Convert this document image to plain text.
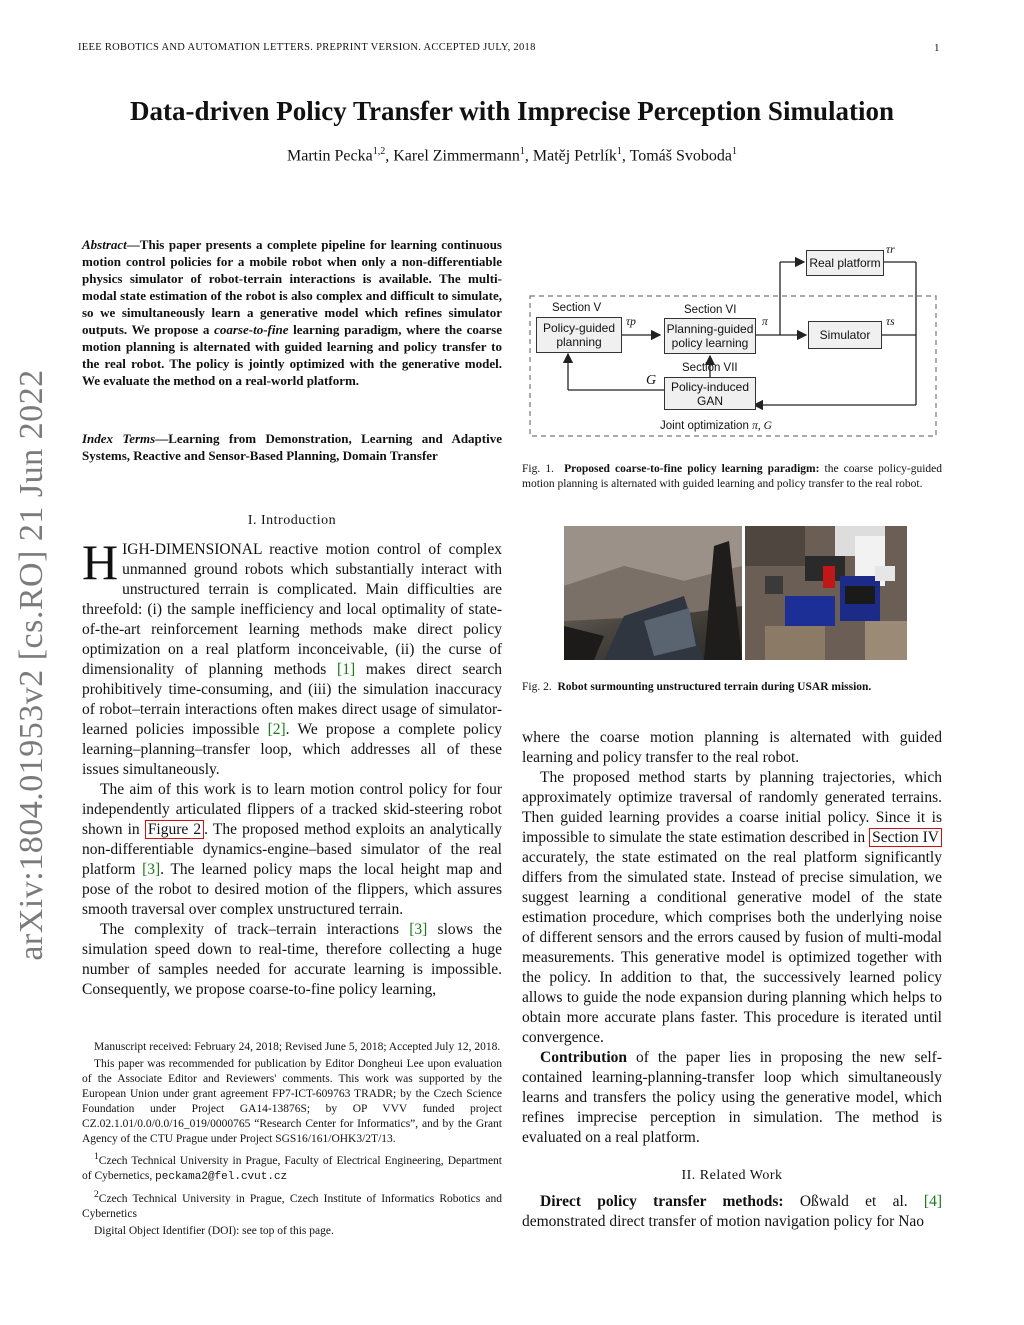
IEEE ROBOTICS AND AUTOMATION LETTERS. PREPRINT VERSION. ACCEPTED JULY, 2018	1
arXiv:1804.01953v2 [cs.RO] 21 Jun 2022
Data-driven Policy Transfer with Imprecise Perception Simulation
Martin Pecka$^{1,2}$, Karel Zimmermann$^1$, Matěj Petrlík$^1$, Tomáš Svoboda$^1$
Abstract—This paper presents a complete pipeline for learning continuous motion control policies for a mobile robot when only a non-differentiable physics simulator of robot-terrain interactions is available. The multi-modal state estimation of the robot is also complex and difficult to simulate, so we simultaneously learn a generative model which refines simulator outputs. We propose a coarse-to-fine learning paradigm, where the coarse motion planning is alternated with guided learning and policy transfer to the real robot. The policy is jointly optimized with the generative model. We evaluate the method on a real-world platform.
Index Terms—Learning from Demonstration, Learning and Adaptive Systems, Reactive and Sensor-Based Planning, Domain Transfer
I. Introduction

HIGH-DIMENSIONAL reactive motion control of complex unmanned ground robots which substantially interact with unstructured terrain is complicated. Main difficulties are threefold: (i) the sample inefficiency and local optimality of state-of-the-art reinforcement learning methods make direct policy optimization on a real platform inconceivable, (ii) the curse of dimensionality of planning methods [1] makes direct search prohibitively time-consuming, and (iii) the simulation inaccuracy of robot–terrain interactions often makes direct usage of simulator-learned policies impossible [2]. We propose a complete policy learning–planning–transfer loop, which addresses all of these issues simultaneously.

The aim of this work is to learn motion control policy for four independently articulated flippers of a tracked skid-steering robot shown in Figure 2 . The proposed method exploits an analytically non-differentiable dynamics-engine–based simulator of the real platform [3]. The learned policy maps the local height map and pose of the robot to desired motion of the flippers, which assures smooth traversal over complex unstructured terrain.

The complexity of track–terrain interactions [3] slows the simulation speed down to real-time, therefore collecting a huge number of samples needed for accurate learning is impossible. Consequently, we propose coarse-to-fine policy learning,

Manuscript received: February 24, 2018; Revised June 5, 2018; Accepted July 12, 2018.

This paper was recommended for publication by Editor Dongheui Lee upon evaluation of the Associate Editor and Reviewers' comments. This work was supported by the European Union under grant agreement FP7-ICT-609763 TRADR; by the Czech Science Foundation under Project GA14-13876S; by OP VVV funded project CZ.02.1.01/0.0/0.0/16_019/0000765 “Research Center for Informatics”, and by the Grant Agency of the CTU Prague under Project SGS16/161/OHK3/2T/13.

$^1$Czech Technical University in Prague, Faculty of Electrical Engineering, Department of Cybernetics, peckama2@fel.cvut.cz

$^2$Czech Technical University in Prague, Czech Institute of Informatics Robotics and Cybernetics

Digital Object Identifier (DOI): see top of this page.

Section V
Policy-guided planning
τp
Section VI
Planning-guided policy learning
π
Real platform
τr
Simulator
τs
G
Section VII
Policy-induced GAN
Joint optimization π, G
Fig. 1. Proposed coarse-to-fine policy learning paradigm: the coarse policy-guided motion planning is alternated with guided learning and policy transfer to the real robot.
Fig. 2. Robot surmounting unstructured terrain during USAR mission.

where the coarse motion planning is alternated with guided learning and policy transfer to the real robot.

The proposed method starts by planning trajectories, which approximately optimize traversal of randomly generated terrains. Then guided learning provides a coarse initial policy. Since it is impossible to simulate the state estimation described in Section IV accurately, the state estimated on the real platform significantly differs from the simulated state. Instead of precise simulation, we suggest learning a conditional generative model of the state estimation procedure, which comprises both the underlying noise of different sensors and the errors caused by fusion of multi-modal measurements. This generative model is optimized together with the policy. In addition to that, the successively learned policy allows to guide the node expansion during planning which helps to obtain more accurate plans faster. This procedure is iterated until convergence.

Contribution of the paper lies in proposing the new self-contained learning-planning-transfer loop which simultaneously learns and transfers the policy using the generative model, which refines imprecise perception in simulation. The method is evaluated on a real platform.

II. Related Work

Direct policy transfer methods: Oßwald et al. [4] demonstrated direct transfer of motion navigation policy for Nao
